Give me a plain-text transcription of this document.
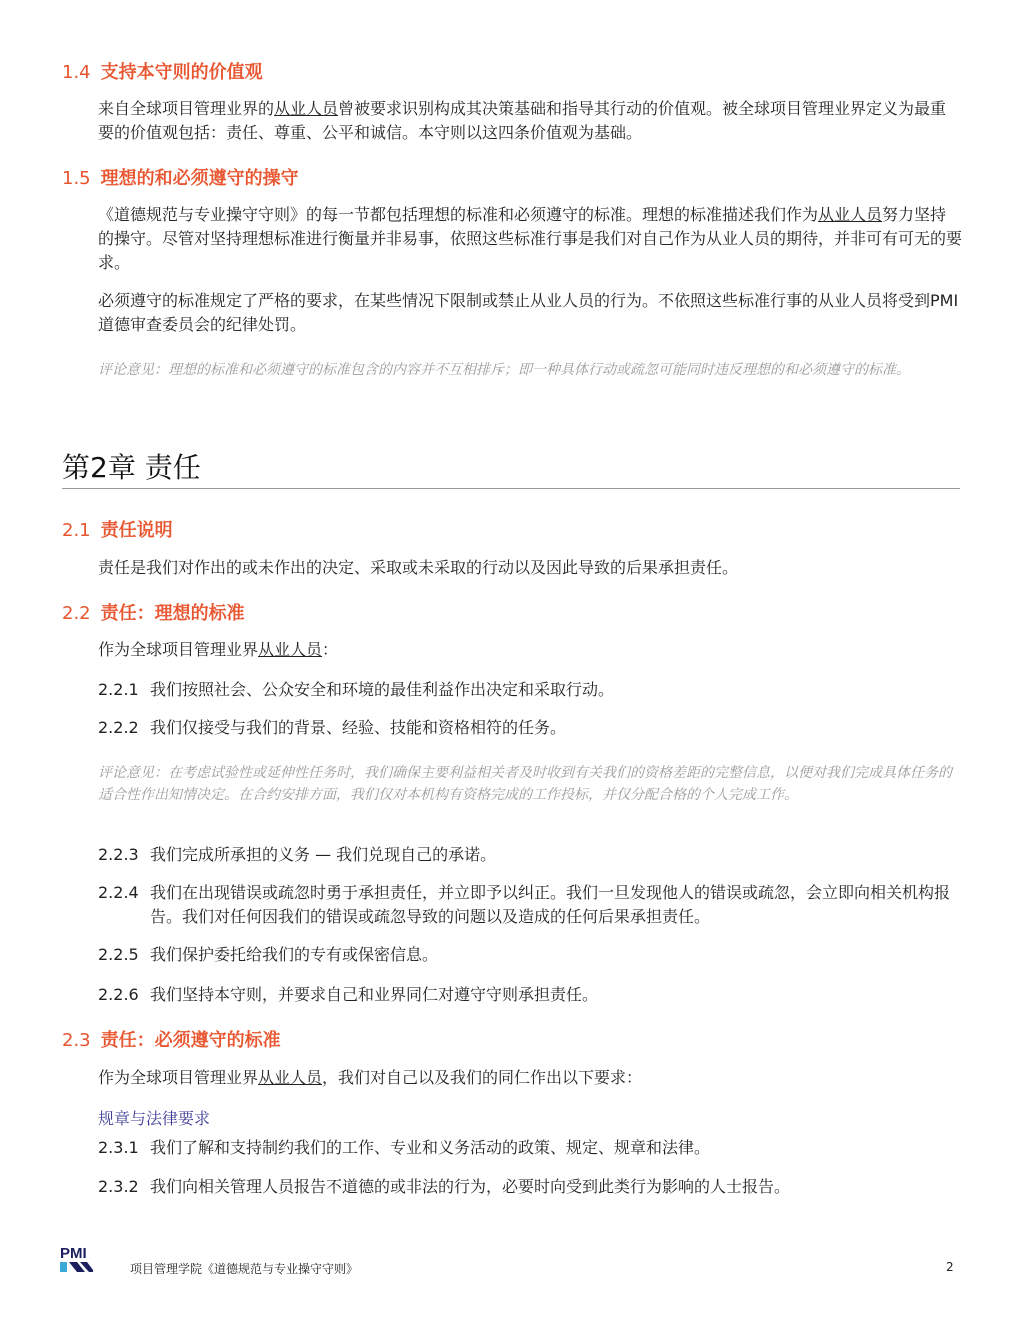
1.4 支持本守则的价值观
来自全球项目管理业界的从业人员曾被要求识别构成其决策基础和指导其行动的价值观。被全球项目管理业界定义为最重要的价值观包括：责任、尊重、公平和诚信。本守则以这四条价值观为基础。
1.5 理想的和必须遵守的操守
《道德规范与专业操守守则》的每一节都包括理想的标准和必须遵守的标准。理想的标准描述我们作为从业人员努力坚持的操守。尽管对坚持理想标准进行衡量并非易事，依照这些标准行事是我们对自己作为从业人员的期待，并非可有可无的要求。
必须遵守的标准规定了严格的要求，在某些情况下限制或禁止从业人员的行为。不依照这些标准行事的从业人员将受到PMI道德审查委员会的纪律处罚。
评论意见：理想的标准和必须遵守的标准包含的内容并不互相排斥；即一种具体行动或疏忽可能同时违反理想的和必须遵守的标准。
第2章 责任
2.1 责任说明
责任是我们对作出的或未作出的决定、采取或未采取的行动以及因此导致的后果承担责任。
2.2 责任：理想的标准
作为全球项目管理业界从业人员：
2.2.1 我们按照社会、公众安全和环境的最佳利益作出决定和采取行动。
2.2.2 我们仅接受与我们的背景、经验、技能和资格相符的任务。
评论意见：在考虑试验性或延伸性任务时，我们确保主要利益相关者及时收到有关我们的资格差距的完整信息，以便对我们完成具体任务的适合性作出知情决定。在合约安排方面，我们仅对本机构有资格完成的工作投标，并仅分配合格的个人完成工作。
2.2.3 我们完成所承担的义务 — 我们兑现自己的承诺。
2.2.4 我们在出现错误或疏忽时勇于承担责任，并立即予以纠正。我们一旦发现他人的错误或疏忽，会立即向相关机构报告。我们对任何因我们的错误或疏忽导致的问题以及造成的任何后果承担责任。
2.2.5 我们保护委托给我们的专有或保密信息。
2.2.6 我们坚持本守则，并要求自己和业界同仁对遵守守则承担责任。
2.3 责任：必须遵守的标准
作为全球项目管理业界从业人员，我们对自己以及我们的同仁作出以下要求：
规章与法律要求
2.3.1 我们了解和支持制约我们的工作、专业和义务活动的政策、规定、规章和法律。
2.3.2 我们向相关管理人员报告不道德的或非法的行为，必要时向受到此类行为影响的人士报告。
PMI
项目管理学院《道德规范与专业操守守则》	2
